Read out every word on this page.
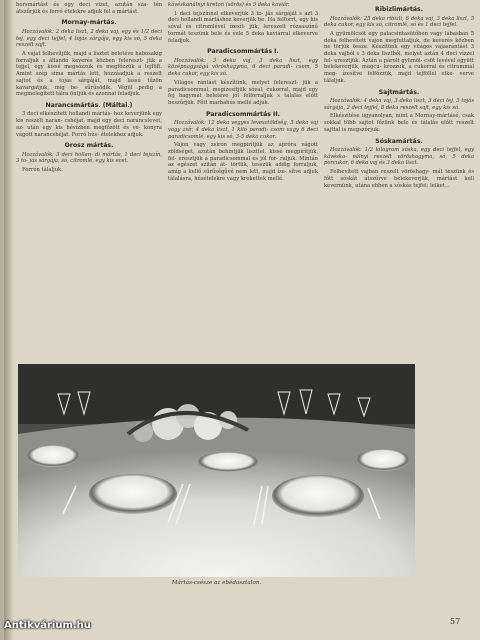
borsmártást és egy deci vizet, azután sza- tén átszűrjük és forró ételekre adjuk fel a mártást.

Mornay-mártás.

Hozzávalók: 2 deka liszt, 2 deka vaj, egy és 1/2 deci tej, egy deci tejfel, 4 tojás sárgája, egy kis só, 5 deka reszelt sajt.

A vajat felhevítjük, majd a lisztet beletéve habosakig forraljuk s állandó keverés közben felereszt- jük a tejjel, egy kissé megsózzuk és megfőzzük a tejfölt. Amint szép sima mártás lett, hozzáadjuk a reszelt sajtot és a tojás sárgáját, majd lassú tűzön kavargatjuk, míg be- sűrűsödik. Végül pedig a megmelegített tálra öntjük és azonnal feladjuk.

Narancsmártás. (Máltai.)

3 deci elkészített hollandi mártás- hoz keverjünk egy kis reszelt naran- cshéjat, majd egy deci narancslevet, az- után egy kis hévízben megfőzött és vé- konyra vágott narancshéjat. Forró hús- ételekhez adjuk.

Orosz mártás.

Hozzávalók: 3 deci hollan- di mártás, 1 deci tejszín, 3 to- jás sárgája, só, citromlé, egy kis ecet.

Forrón tálaljuk.

kávéskanálnyi kreton (sörös) és 5 deka kaviár.

1 deci tejszínnel elkeverjük 3 to- jás sárgáját s azt 3 deci hollandi mártáshoz keverjük be. Ha felforrt, egy kis sóval és citromlével ízesít- jük, lereszelt rózsaszínű tormát teszünk bele és vele 5 deka kaviárral elkeverve feladjuk.

Paradicsommártás I.

Hozzávalók: 3 deka vaj, 3 deka liszt, egy középnagyságú vöröshagyma, 6 deci paradi- csom, 5 deka cukor, egy kis só.

Világos rántást készítünk, melyet felereszt- jük a paradicsommal, megízesítjük sóval, cukorral, majd egy fej hagymát beletéve jól felforraljuk s tálalás előtt beszűrjük. Főtt marhahús mellé adjuk.

Paradicsommártás II.

Hozzávalók: 12 deka vegyes levesztöldség, 5 deka vaj vagy zsír, 4 deka liszt, 1 kiló paradi- csom vagy 6 deci paradicsomlé, egy kis só, 3-5 deka cukor.

Vajon vagy zsíron megpirítjük az apróra vágott zöldséget, azután behintjük liszttel, kissé megpirítjük, fel- eresztjük a paradicsommal és jól for- raljuk. Mintán az egészet szitán át- törtük, tesszük addig forraljuk, amíg a kellő sűrűségűvé nem lett, majd íze- sítve adjuk tálalásra, húsételekre vagy krokettek mellé.

Ribizlimártás.

Hozzávalók: 25 deka ribizli, 6 deka vaj, 3 deka liszt, 5 deka cukor, egy kis só, citromlé, só és 1 deci tejfel.

A gyümölcsöt egy palacsintasütőben vagy lábasban 5 deka felhevített vajon megfuttatjuk, de keverés közben ne törjük össze. Készítünk egy világos vajasrántást 3 deka vajból s 3 deka lisztből, melyet aztán 4 deci vízzel fel- eresztjük. Aztán a párolt gyümöl- csöt levével együtt belekeverjük, megcu- krozzuk, a cukorral és citrommal meg- ízesítve felfőzzük, majd tejföllel elke- verve tálaljuk.

Sajtmártás.

Hozzávalók: 4 deka vaj, 3 deka liszt, 3 deci tej, 3 tojás sárgája, 2 deci tejfel, 8 deka reszelt sajt, egy kis só.

Elkészítése ugyanolyan, mint a Mornay-mártásé, csak sokkal több sajtot főzünk bele és tálalás előtt reszelt sajttal is megszórjuk.

Sóskamártás.

Hozzávalók: 1/2 kilogram sóska, egy deci tejfel, egy kávéska- nálnyi reszelt vöröshagyma, só, 5 deka porcukor, 6 deka vaj és 3 deka liszt.

Felhevített vajban reszelt vöröshagy- mát teszünk és főtt sóskát átszűrve belekeverjük, mártást kell kevernünk, utána ebben a sóskás tejfel: lelket...

Mártás-csésze az ebédasztalon.
57
Antikvárium.hu
